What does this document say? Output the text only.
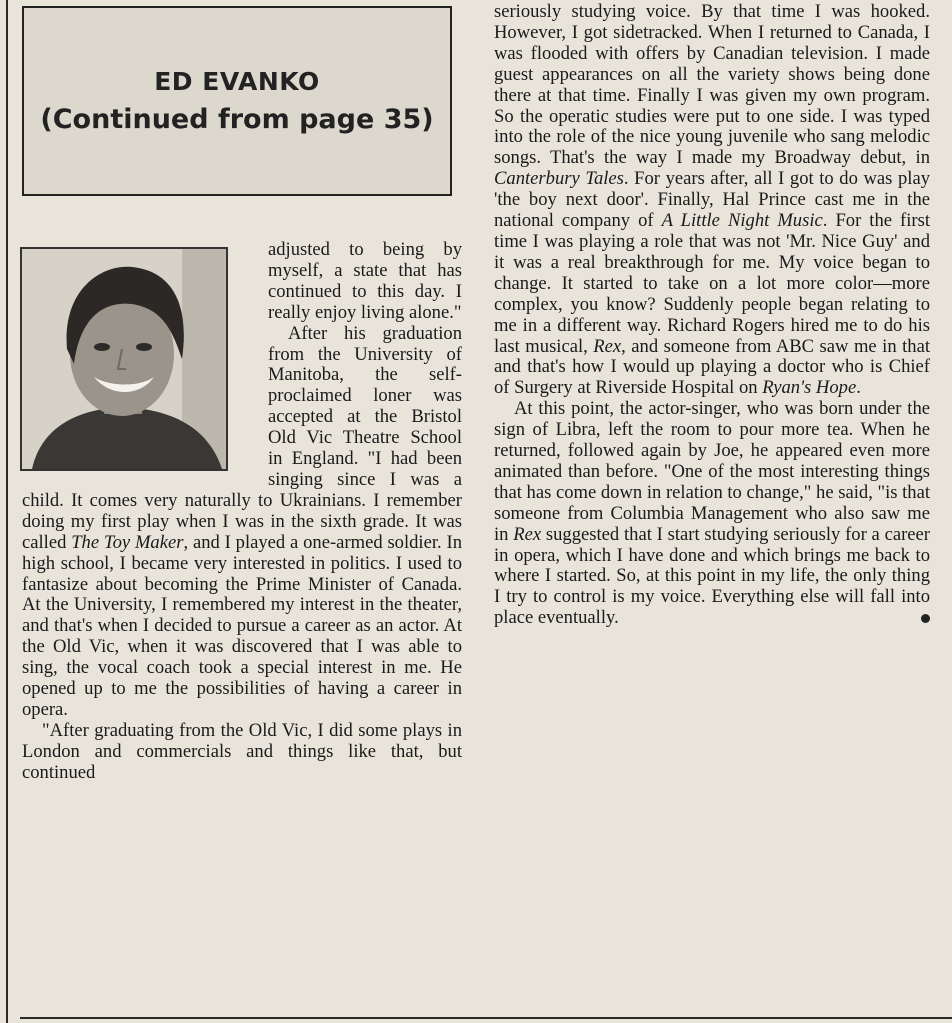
ED EVANKO
(Continued from page 35)

adjusted to being by myself, a state that has continued to this day. I really enjoy living alone."

After his graduation from the University of Manitoba, the self-proclaimed loner was accepted at the Bristol Old Vic Theatre School in England. "I had been singing since I was a child. It comes very naturally to Ukrainians. I remember doing my first play when I was in the sixth grade. It was called The Toy Maker, and I played a one-armed soldier. In high school, I became very interested in politics. I used to fantasize about becoming the Prime Minister of Canada. At the University, I remembered my interest in the theater, and that's when I decided to pursue a career as an actor. At the Old Vic, when it was discovered that I was able to sing, the vocal coach took a special interest in me. He opened up to me the possibilities of having a career in opera.

"After graduating from the Old Vic, I did some plays in London and commercials and things like that, but continued

seriously studying voice. By that time I was hooked. However, I got sidetracked. When I returned to Canada, I was flooded with offers by Canadian television. I made guest appearances on all the variety shows being done there at that time. Finally I was given my own program. So the operatic studies were put to one side. I was typed into the role of the nice young juvenile who sang melodic songs. That's the way I made my Broadway debut, in Canterbury Tales. For years after, all I got to do was play 'the boy next door'. Finally, Hal Prince cast me in the national company of A Little Night Music. For the first time I was playing a role that was not 'Mr. Nice Guy' and it was a real breakthrough for me. My voice began to change. It started to take on a lot more color—more complex, you know? Suddenly people began relating to me in a different way. Richard Rogers hired me to do his last musical, Rex, and someone from ABC saw me in that and that's how I would up playing a doctor who is Chief of Surgery at Riverside Hospital on Ryan's Hope.

At this point, the actor-singer, who was born under the sign of Libra, left the room to pour more tea. When he returned, followed again by Joe, he appeared even more animated than before. "One of the most interesting things that has come down in relation to change," he said, "is that someone from Columbia Management who also saw me in Rex suggested that I start studying seriously for a career in opera, which I have done and which brings me back to where I started. So, at this point in my life, the only thing I try to control is my voice. Everything else will fall into place eventually.
